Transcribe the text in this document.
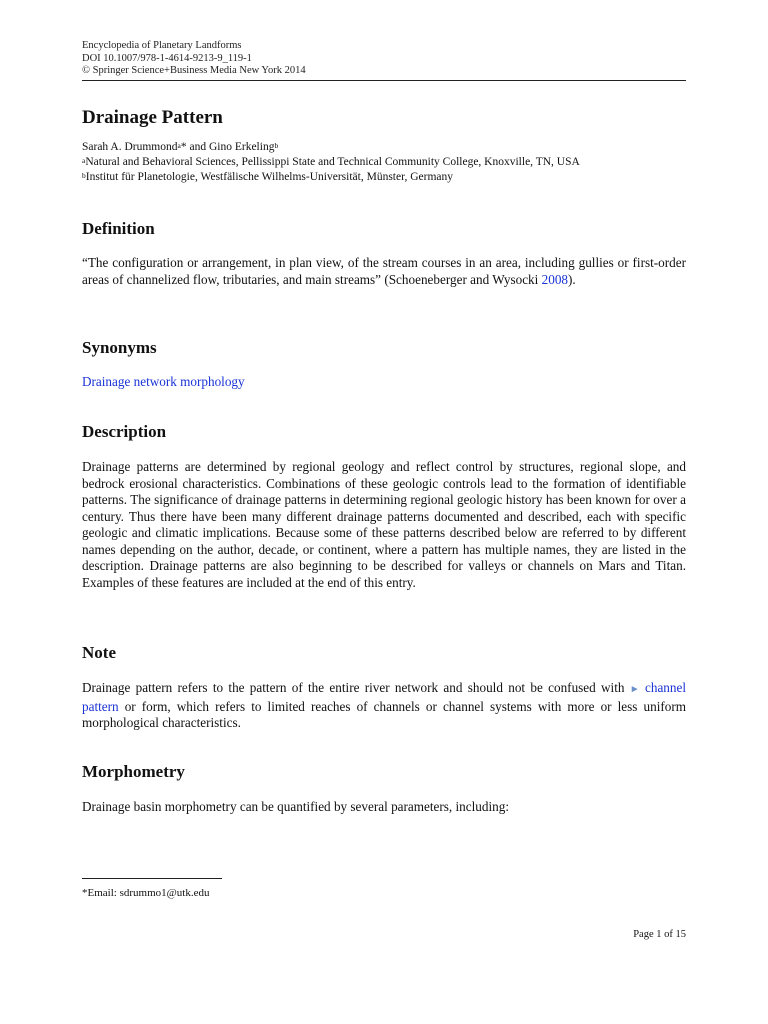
Encyclopedia of Planetary Landforms
DOI 10.1007/978-1-4614-9213-9_119-1
© Springer Science+Business Media New York 2014
Drainage Pattern
Sarah A. Drummond$^a$* and Gino Erkeling$^b$
$^a$Natural and Behavioral Sciences, Pellissippi State and Technical Community College, Knoxville, TN, USA
$^b$Institut für Planetologie, Westfälische Wilhelms-Universität, Münster, Germany
Definition

“The configuration or arrangement, in plan view, of the stream courses in an area, including gullies or first-order areas of channelized flow, tributaries, and main streams” (Schoeneberger and Wysocki 2008).

Synonyms

Drainage network morphology

Description

Drainage patterns are determined by regional geology and reflect control by structures, regional slope, and bedrock erosional characteristics. Combinations of these geologic controls lead to the formation of identifiable patterns. The significance of drainage patterns in determining regional geologic history has been known for over a century. Thus there have been many different drainage patterns documented and described, each with specific geologic and climatic implications. Because some of these patterns described below are referred to by different names depending on the author, decade, or continent, where a pattern has multiple names, they are listed in the description. Drainage patterns are also beginning to be described for valleys or channels on Mars and Titan. Examples of these features are included at the end of this entry.

Note

Drainage pattern refers to the pattern of the entire river network and should not be confused with ► channel pattern or form, which refers to limited reaches of channels or channel systems with more or less uniform morphological characteristics.

Morphometry

Drainage basin morphometry can be quantified by several parameters, including:

*Email: sdrummo1@utk.edu
Page 1 of 15
